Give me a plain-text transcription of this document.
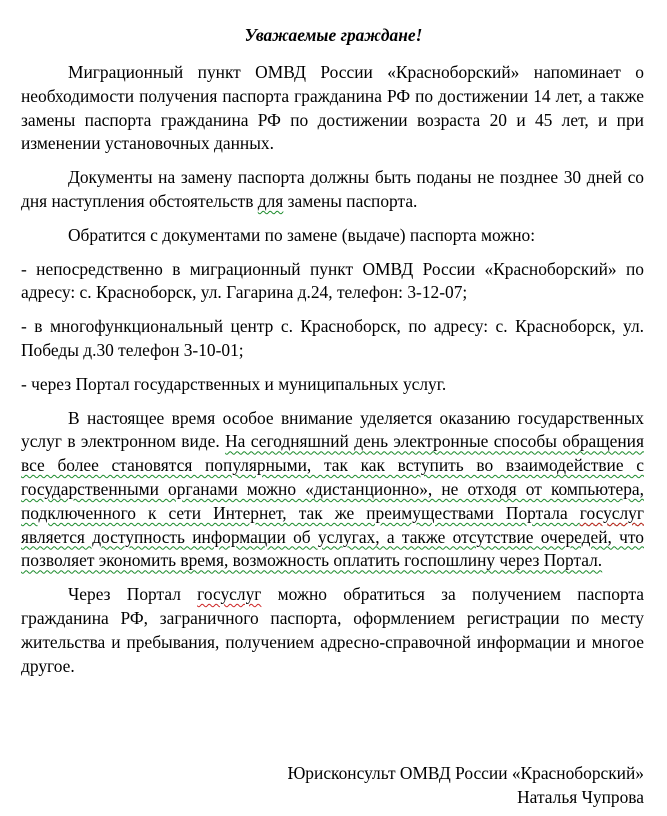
Уважаемые граждане!

Миграционный пункт ОМВД России «Красноборский» напоминает о необходимости получения паспорта гражданина РФ по достижении 14 лет, а также замены паспорта гражданина РФ по достижении возраста 20 и 45 лет, и при изменении установочных данных.

Документы на замену паспорта должны быть поданы не позднее 30 дней со дня наступления обстоятельств для замены паспорта.

Обратится с документами по замене (выдаче) паспорта можно:

- непосредственно в миграционный пункт ОМВД России «Красноборский» по адресу: с. Красноборск, ул. Гагарина д.24, телефон: 3-12-07;

- в многофункциональный центр с. Красноборск, по адресу: с. Красноборск, ул. Победы д.30 телефон 3-10-01;

- через Портал государственных и муниципальных услуг.

В настоящее время особое внимание уделяется оказанию государственных услуг в электронном виде. На сегодняшний день электронные способы обращения все более становятся популярными, так как вступить во взаимодействие с государственными органами можно «дистанционно», не отходя от компьютера, подключенного к сети Интернет, так же преимуществами Портала госуслуг является доступность информации об услугах, а также отсутствие очередей, что позволяет экономить время, возможность оплатить госпошлину через Портал.

Через Портал госуслуг можно обратиться за получением паспорта гражданина РФ, заграничного паспорта, оформлением регистрации по месту жительства и пребывания, получением адресно-справочной информации и многое другое.

Юрисконсульт ОМВД России «Красноборский»
Наталья Чупрова
